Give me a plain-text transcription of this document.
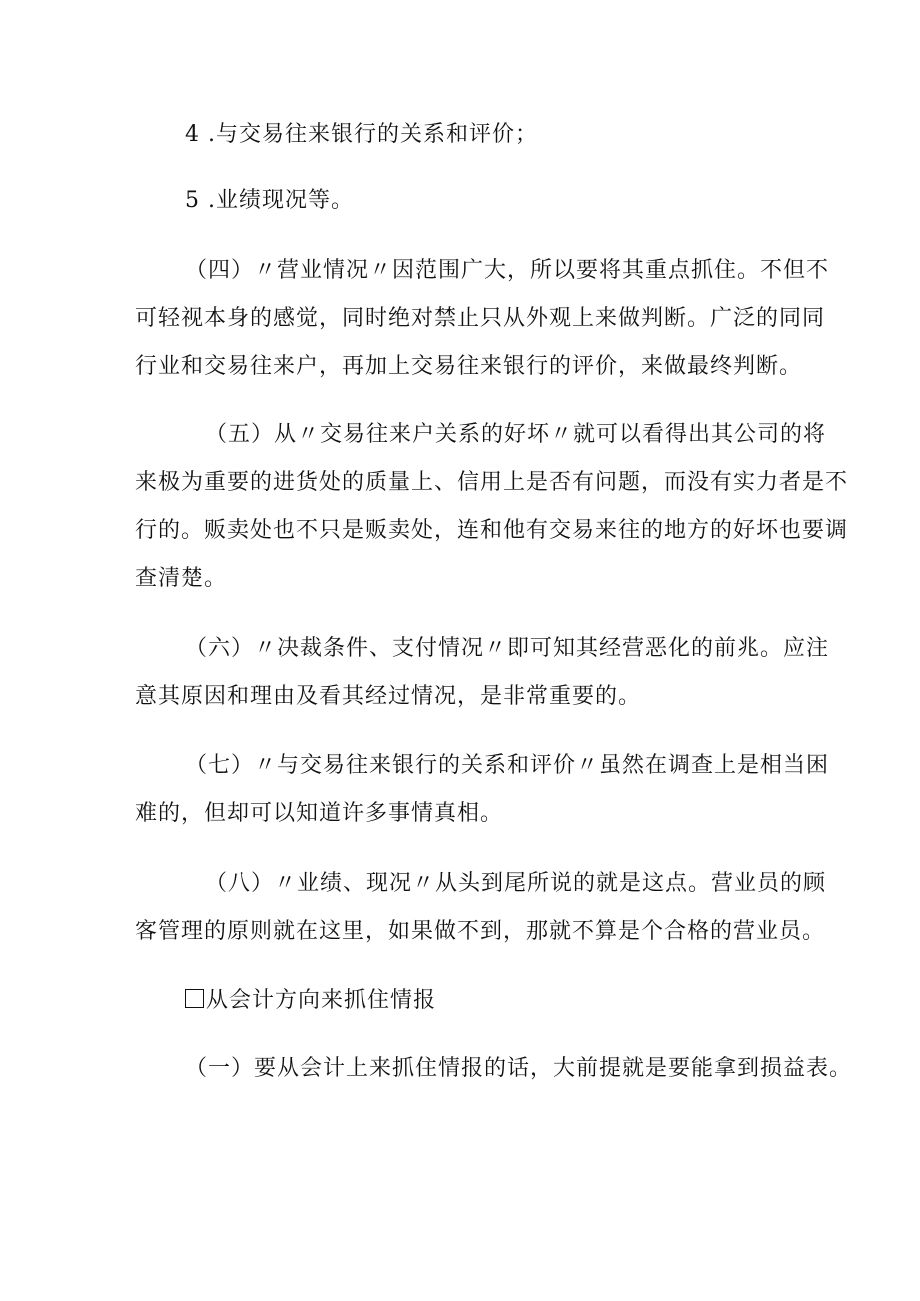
4 .与交易往来银行的关系和评价；
5 .业绩现况等。
（四）〃营业情况〃因范围广大，所以要将其重点抓住。不但不
可轻视本身的感觉，同时绝对禁止只从外观上来做判断。广泛的同同
行业和交易往来户，再加上交易往来银行的评价，来做最终判断。
（五）从〃交易往来户关系的好坏〃就可以看得出其公司的将
来极为重要的进货处的质量上、信用上是否有问题，而没有实力者是不
行的。贩卖处也不只是贩卖处，连和他有交易来往的地方的好坏也要调
查清楚。
（六）〃决裁条件、支付情况〃即可知其经营恶化的前兆。应注
意其原因和理由及看其经过情况，是非常重要的。
（七）〃与交易往来银行的关系和评价〃虽然在调查上是相当困
难的，但却可以知道许多事情真相。
（八）〃业绩、现况〃从头到尾所说的就是这点。营业员的顾
客管理的原则就在这里，如果做不到，那就不算是个合格的营业员。
从会计方向来抓住情报
（一）要从会计上来抓住情报的话，大前提就是要能拿到损益表。
